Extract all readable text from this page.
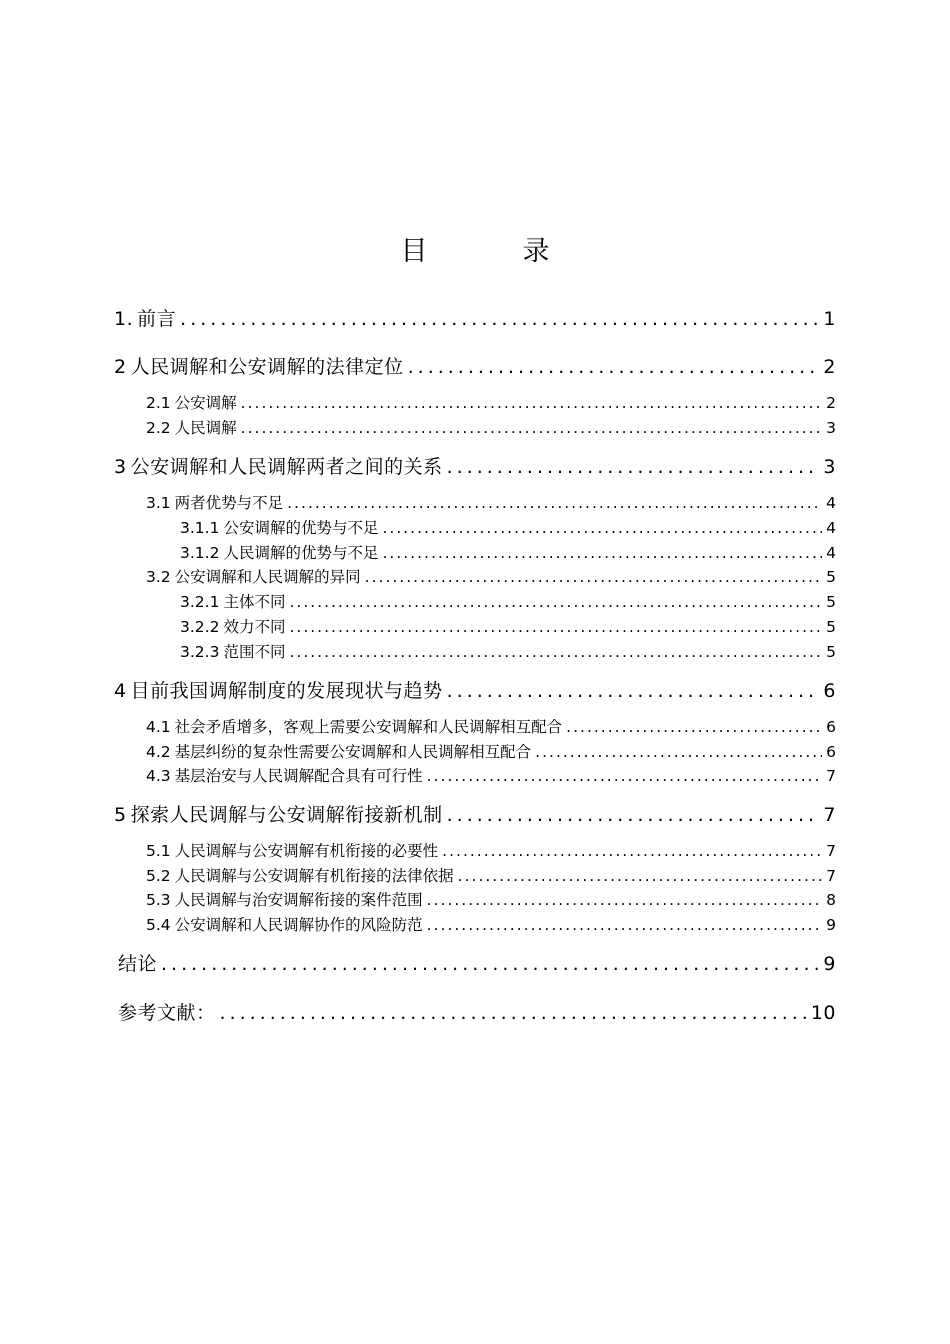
目　录
1. 前言 .....	1
2 人民调解和公安调解的法律定位 .....	2
2.1 公安调解 .....	2
2.2 人民调解 .....	3
3 公安调解和人民调解两者之间的关系 .....	3
3.1 两者优势与不足 .....	4
3.1.1 公安调解的优势与不足 .....	4
3.1.2 人民调解的优势与不足 .....	4
3.2 公安调解和人民调解的异同 .....	5
3.2.1 主体不同 .....	5
3.2.2 效力不同 .....	5
3.2.3 范围不同 .....	5
4 目前我国调解制度的发展现状与趋势 .....	6
4.1 社会矛盾增多，客观上需要公安调解和人民调解相互配合 .....	6
4.2 基层纠纷的复杂性需要公安调解和人民调解相互配合 .....	6
4.3 基层治安与人民调解配合具有可行性 .....	7
5 探索人民调解与公安调解衔接新机制 .....	7
5.1 人民调解与公安调解有机衔接的必要性 .....	7
5.2 人民调解与公安调解有机衔接的法律依据 .....	7
5.3 人民调解与治安调解衔接的案件范围 .....	8
5.4 公安调解和人民调解协作的风险防范 .....	9
结论 .....	9
参考文献： .....	10
